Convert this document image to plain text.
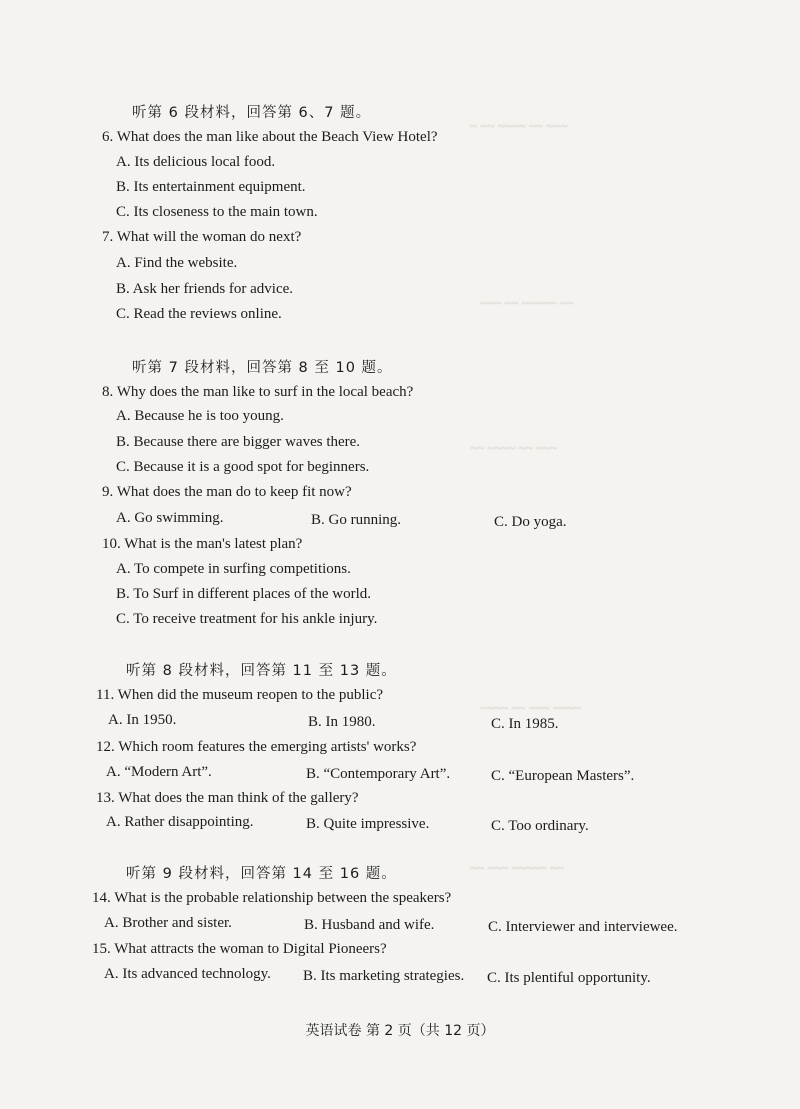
~ ~~ ~~~~ ~~ ~~~
~~~ ~~ ~~~~~ ~~
~~ ~~~~ ~~ ~~~
~~~~ ~~ ~~~ ~~~~
~~ ~~~ ~~~~~ ~~
听第 6 段材料，回答第 6、7 题。
6. What does the man like about the Beach View Hotel?
A. Its delicious local food.
B. Its entertainment equipment.
C. Its closeness to the main town.
7. What will the woman do next?
A. Find the website.
B. Ask her friends for advice.
C. Read the reviews online.
听第 7 段材料，回答第 8 至 10 题。
8. Why does the man like to surf in the local beach?
A. Because he is too young.
B. Because there are bigger waves there.
C. Because it is a good spot for beginners.
9. What does the man do to keep fit now?
A. Go swimming.	B. Go running.	C. Do yoga.
10. What is the man's latest plan?
A. To compete in surfing competitions.
B. To Surf in different places of the world.
C. To receive treatment for his ankle injury.
听第 8 段材料，回答第 11 至 13 题。
11. When did the museum reopen to the public?
A. In 1950.	B. In 1980.	C. In 1985.
12. Which room features the emerging artists' works?
A. “Modern Art”.	B. “Contemporary Art”.	C. “European Masters”.
13. What does the man think of the gallery?
A. Rather disappointing.	B. Quite impressive.	C. Too ordinary.
听第 9 段材料，回答第 14 至 16 题。
14. What is the probable relationship between the speakers?
A. Brother and sister.	B. Husband and wife.	C. Interviewer and interviewee.
15. What attracts the woman to Digital Pioneers?
A. Its advanced technology. B. Its marketing strategies. C. Its plentiful opportunity.
英语试卷 第 2 页（共 12 页）
